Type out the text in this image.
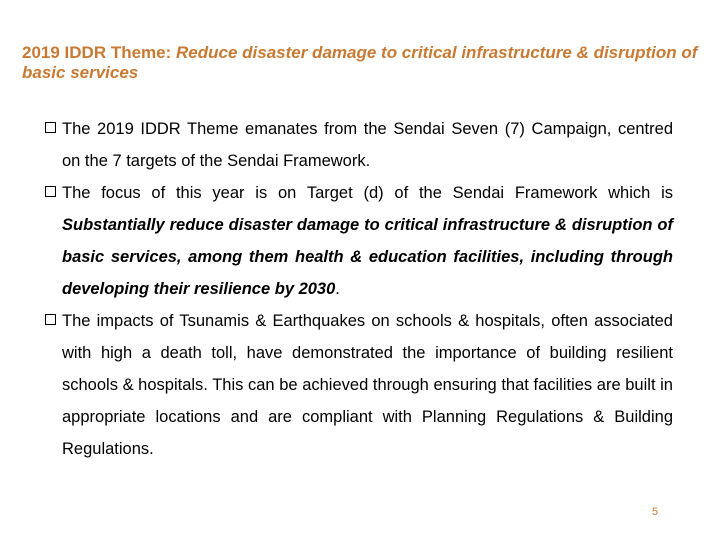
2019 IDDR Theme: Reduce disaster damage to critical infrastructure & disruption of basic services
The 2019 IDDR Theme emanates from the Sendai Seven (7) Campaign, centred on the 7 targets of the Sendai Framework.
The focus of this year is on Target (d) of the Sendai Framework which is Substantially reduce disaster damage to critical infrastructure & disruption of basic services, among them health & education facilities, including through developing their resilience by 2030.
The impacts of Tsunamis & Earthquakes on schools & hospitals, often associated with high a death toll, have demonstrated the importance of building resilient schools & hospitals. This can be achieved through ensuring that facilities are built in appropriate locations and are compliant with Planning Regulations & Building Regulations.
5
